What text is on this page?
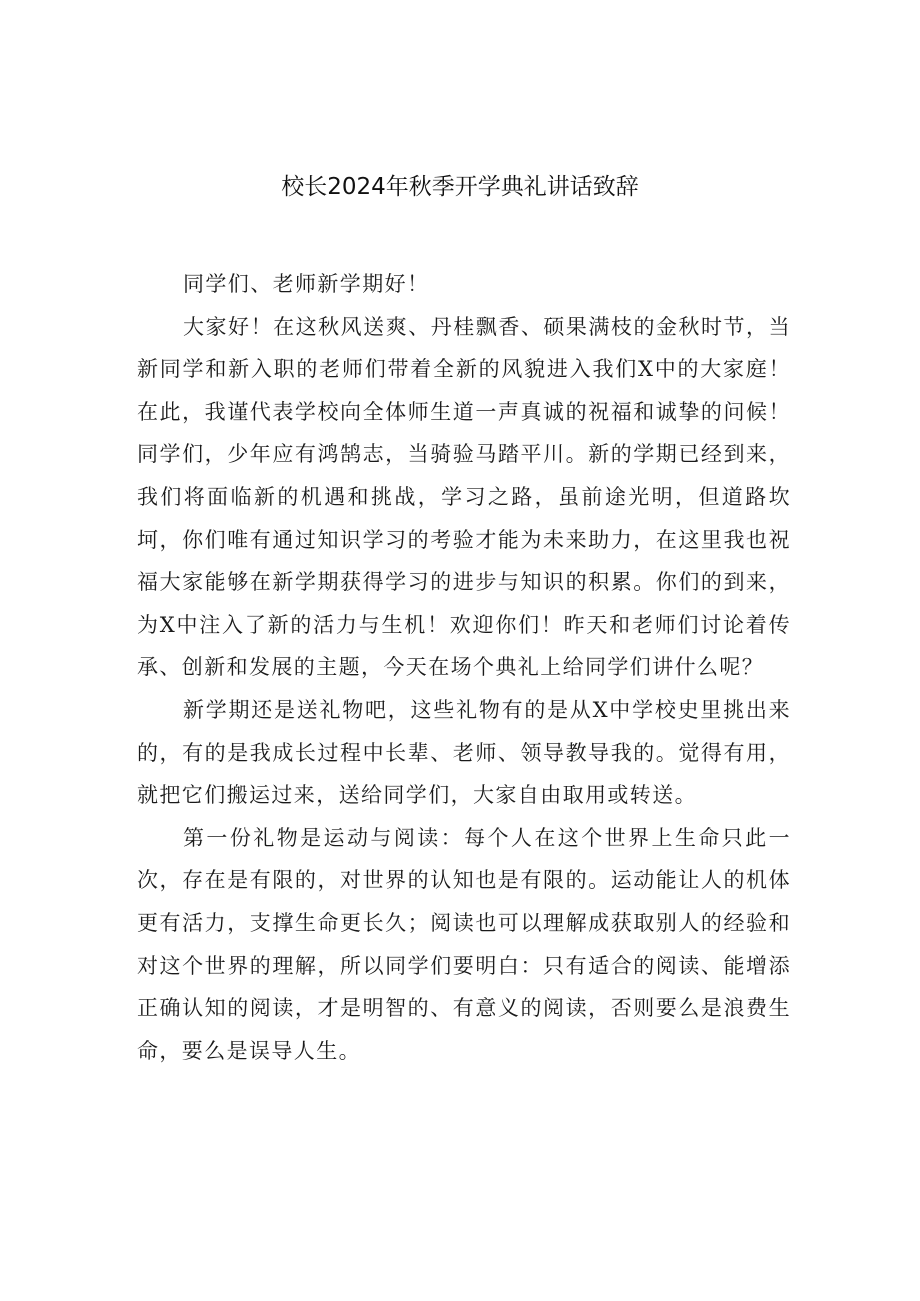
校长2024年秋季开学典礼讲话致辞

同学们、老师新学期好！

大家好！在这秋风送爽、丹桂飘香、硕果满枝的金秋时节，当新同学和新入职的老师们带着全新的风貌进入我们X中的大家庭！在此，我谨代表学校向全体师生道一声真诚的祝福和诚挚的问候！同学们，少年应有鸿鹄志，当骑验马踏平川。新的学期已经到来，我们将面临新的机遇和挑战，学习之路，虽前途光明，但道路坎坷，你们唯有通过知识学习的考验才能为未来助力，在这里我也祝福大家能够在新学期获得学习的进步与知识的积累。你们的到来，为X中注入了新的活力与生机！欢迎你们！昨天和老师们讨论着传承、创新和发展的主题，今天在场个典礼上给同学们讲什么呢？

新学期还是送礼物吧，这些礼物有的是从X中学校史里挑出来的，有的是我成长过程中长辈、老师、领导教导我的。觉得有用，就把它们搬运过来，送给同学们，大家自由取用或转送。

第一份礼物是运动与阅读：每个人在这个世界上生命只此一次，存在是有限的，对世界的认知也是有限的。运动能让人的机体更有活力，支撑生命更长久；阅读也可以理解成获取别人的经验和对这个世界的理解，所以同学们要明白：只有适合的阅读、能增添正确认知的阅读，才是明智的、有意义的阅读，否则要么是浪费生命，要么是误导人生。
